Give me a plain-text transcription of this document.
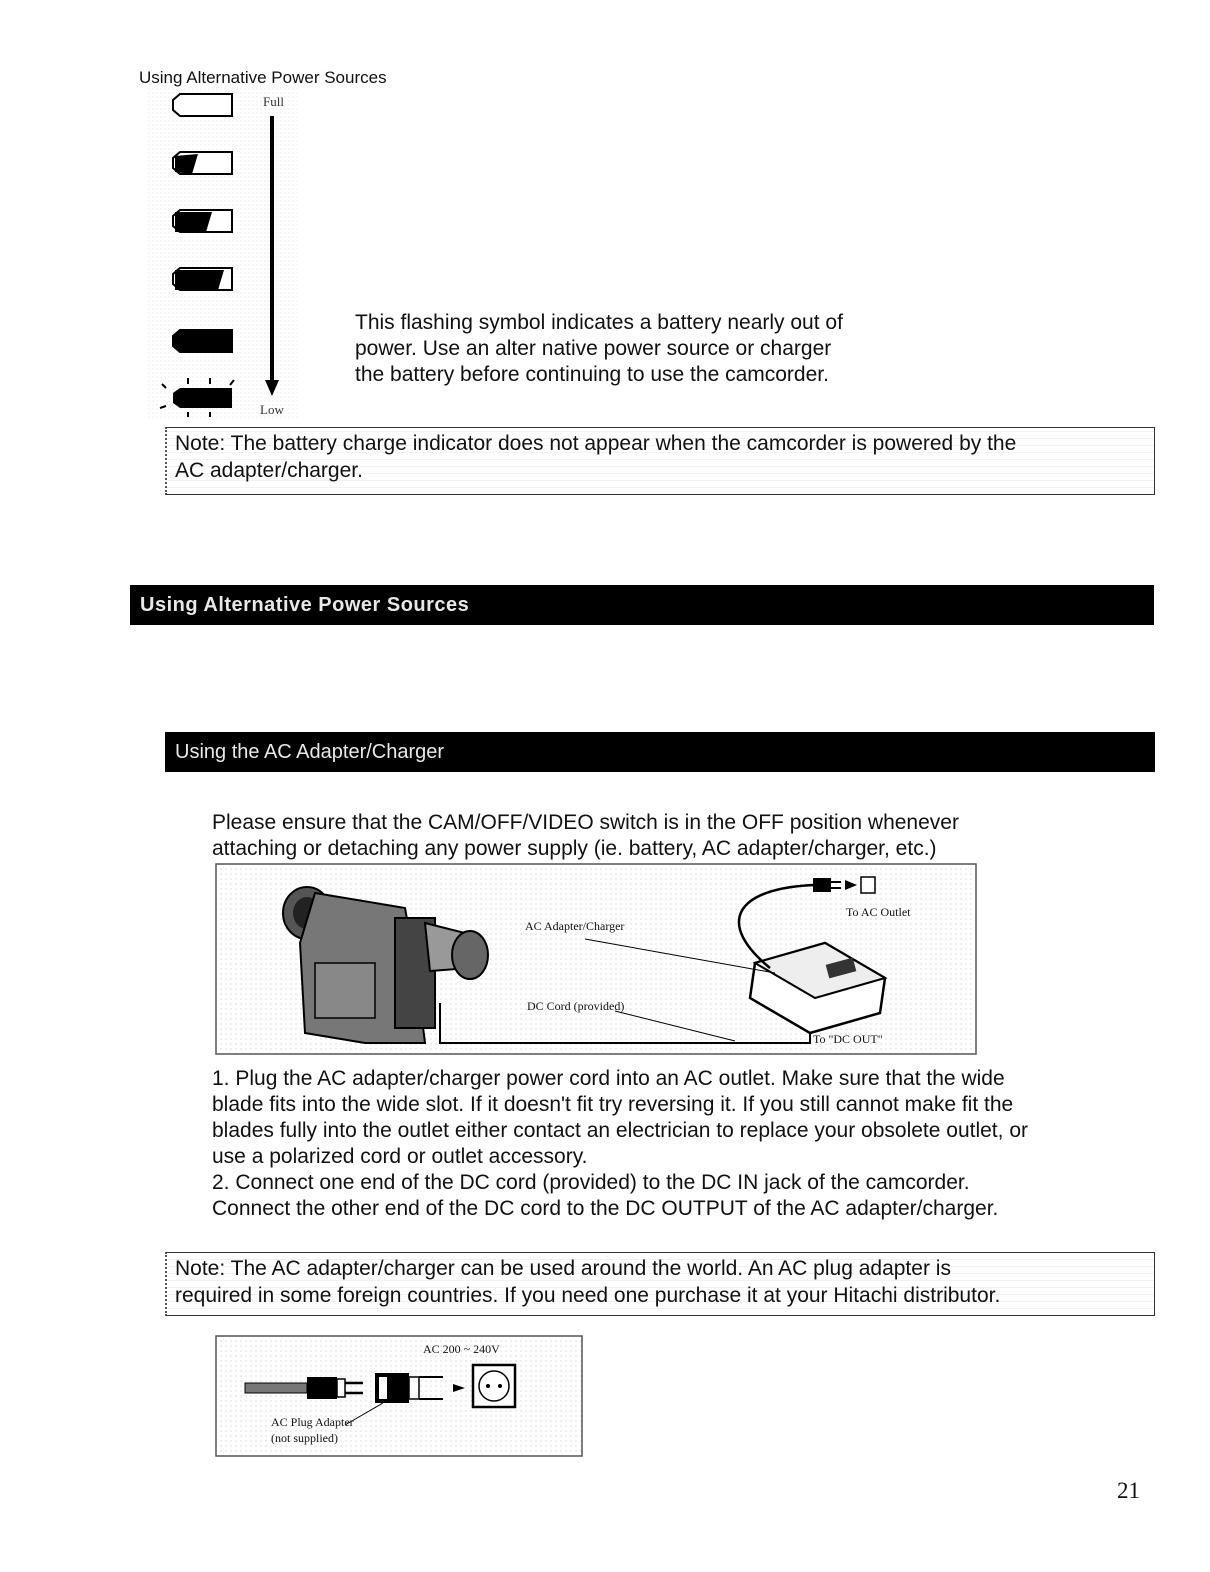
Using Alternative Power Sources
Full
Low
This flashing symbol indicates a battery nearly out of
power. Use an alter native power source or charger
the battery before continuing to use the camcorder.
Note: The battery charge indicator does not appear when the camcorder is powered by the
AC adapter/charger.
Using Alternative Power Sources
Using the AC Adapter/Charger
Please ensure that the CAM/OFF/VIDEO switch is in the OFF position whenever
attaching or detaching any power supply (ie. battery, AC adapter/charger, etc.)
AC Adapter/Charger
To AC Outlet
DC Cord (provided)
To "DC OUT"
1. Plug the AC adapter/charger power cord into an AC outlet. Make sure that the wide
blade fits into the wide slot. If it doesn't fit try reversing it. If you still cannot make fit the
blades fully into the outlet either contact an electrician to replace your obsolete outlet, or
use a polarized cord or outlet accessory.
2. Connect one end of the DC cord (provided) to the DC IN jack of the camcorder.
Connect the other end of the DC cord to the DC OUTPUT of the AC adapter/charger.
Note: The AC adapter/charger can be used around the world. An AC plug adapter is
required in some foreign countries. If you need one purchase it at your Hitachi distributor.
AC 200 ~ 240V
AC Plug Adapter
(not supplied)
21
